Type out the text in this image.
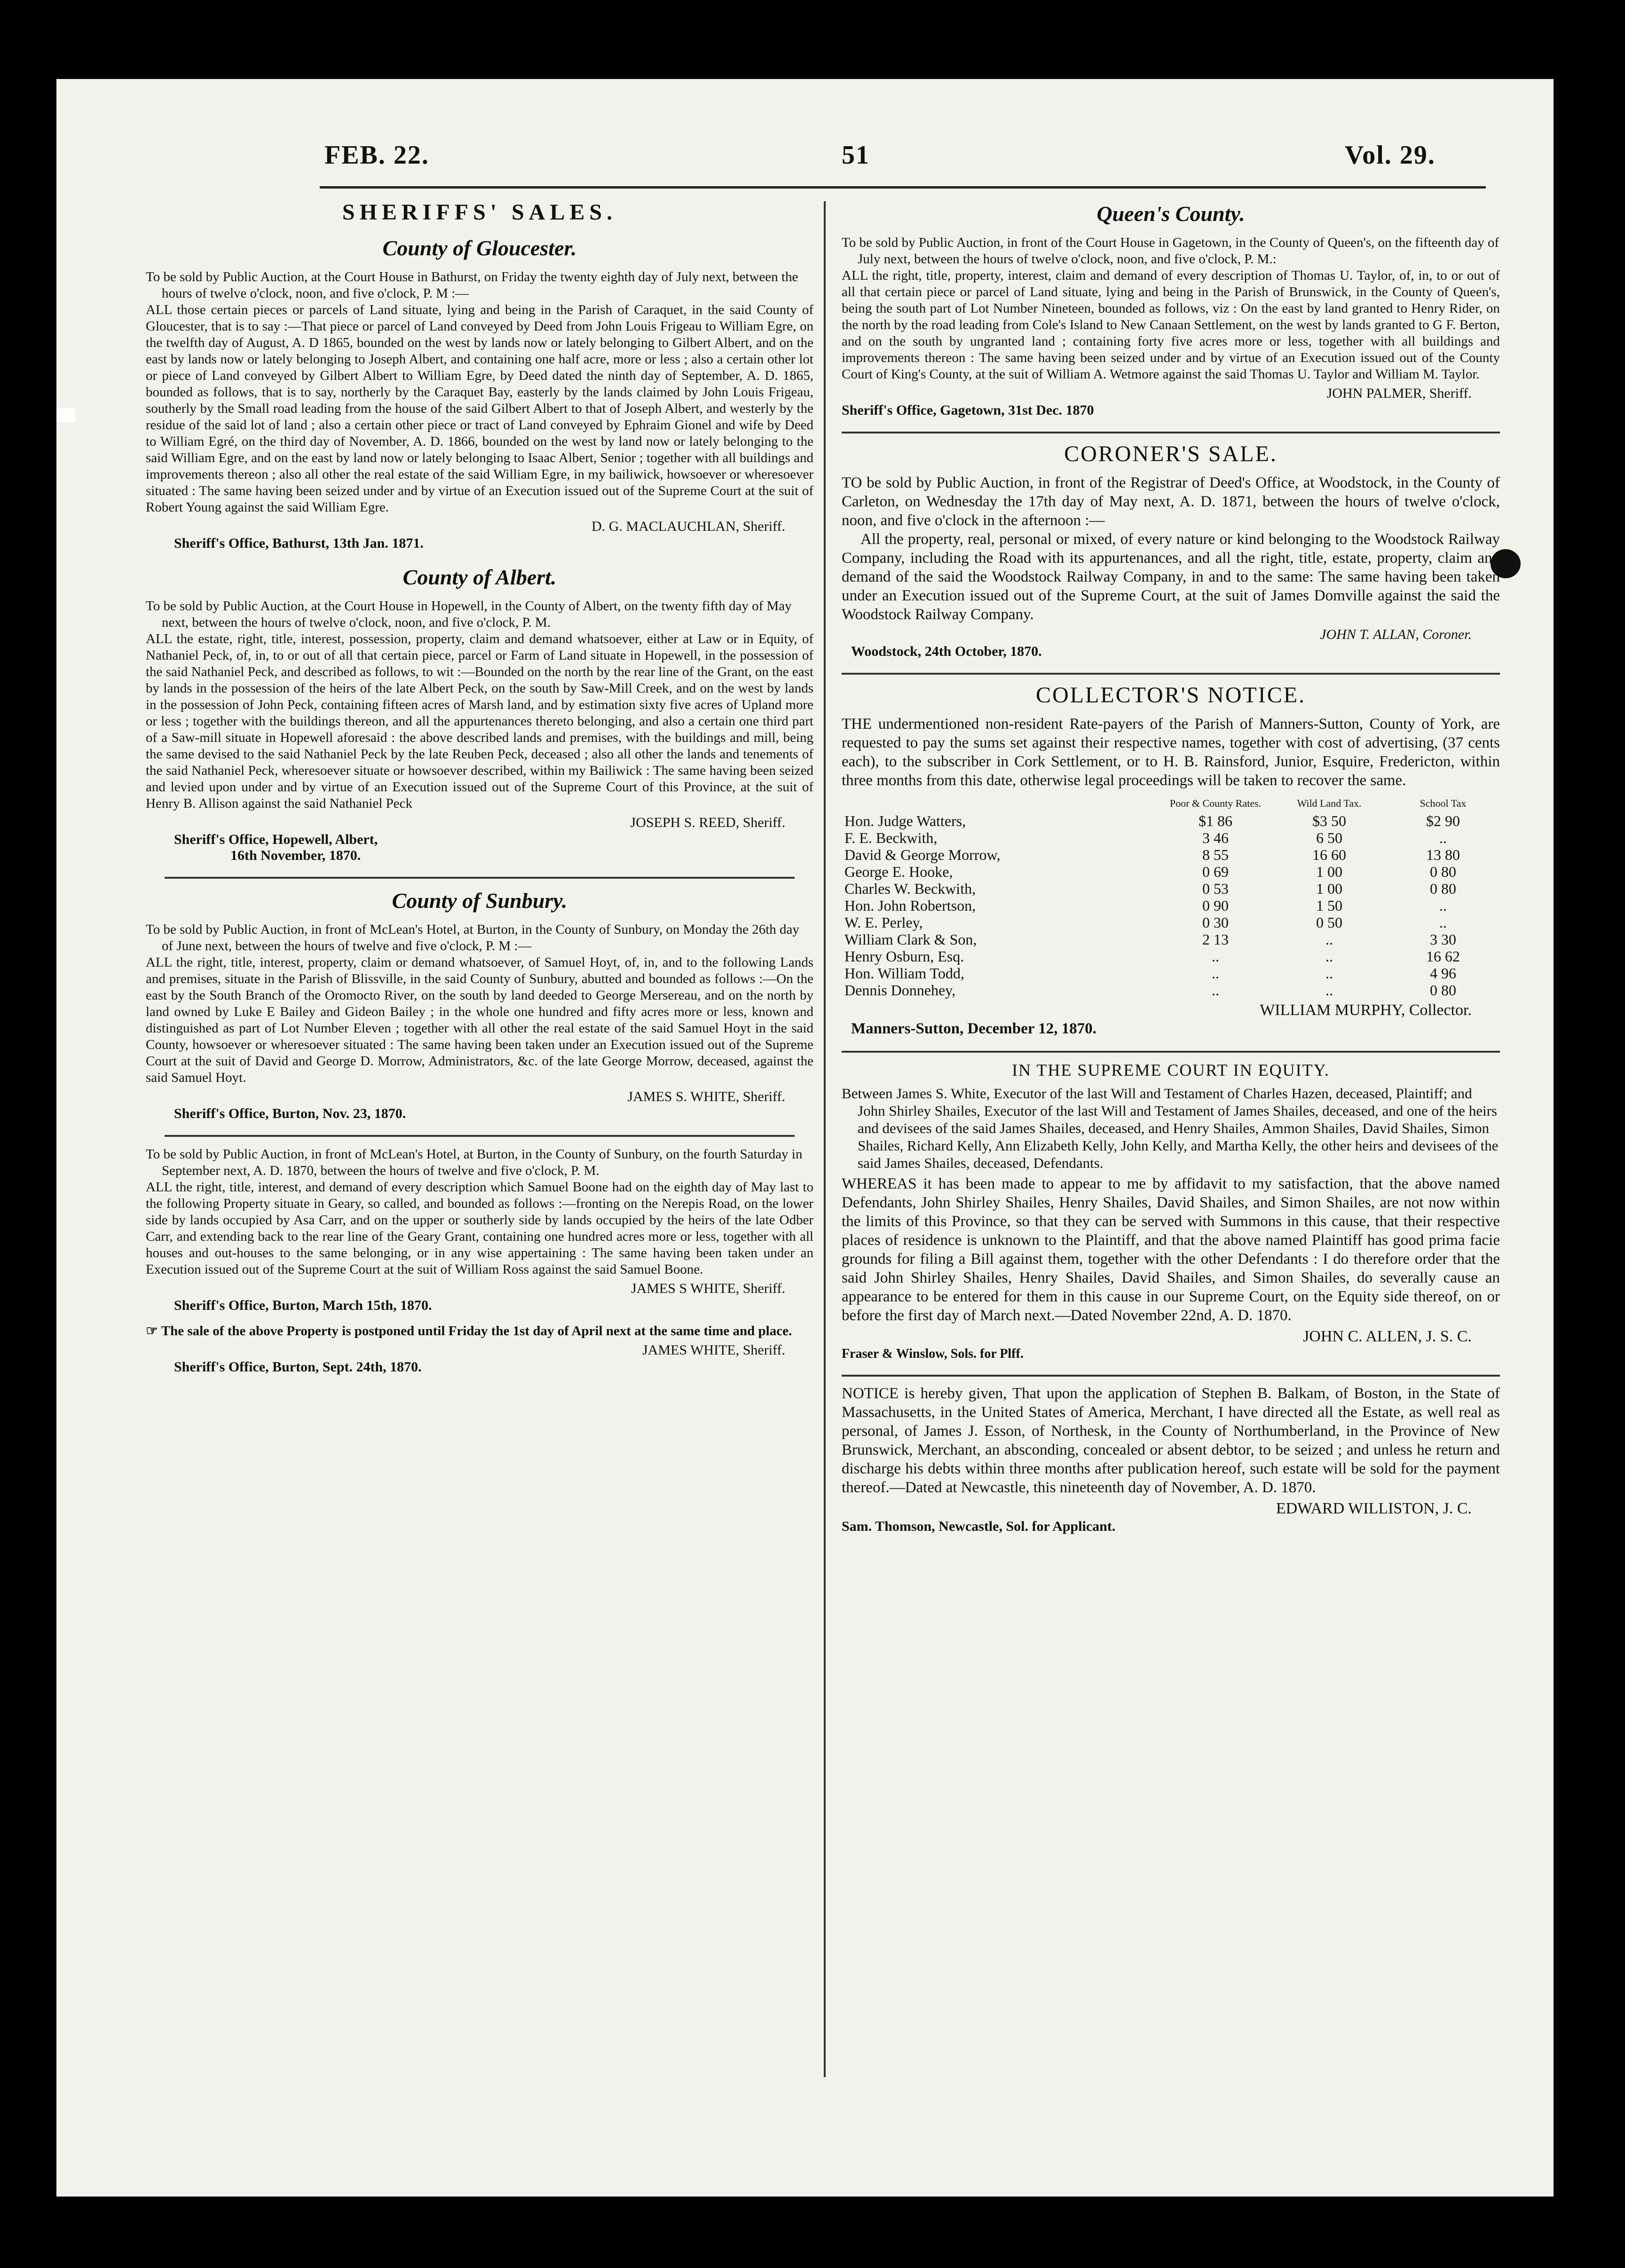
FEB. 22.	51	Vol. 29.
SHERIFFS' SALES.
County of Gloucester.

To be sold by Public Auction, at the Court House in Bathurst, on Friday the twenty eighth day of July next, between the hours of twelve o'clock, noon, and five o'clock, P. M :—

ALL those certain pieces or parcels of Land situate, lying and being in the Parish of Caraquet, in the said County of Gloucester, that is to say :—That piece or parcel of Land conveyed by Deed from John Louis Frigeau to William Egre, on the twelfth day of August, A. D 1865, bounded on the west by lands now or lately belonging to Gilbert Albert, and on the east by lands now or lately belonging to Joseph Albert, and containing one half acre, more or less ; also a certain other lot or piece of Land conveyed by Gilbert Albert to William Egre, by Deed dated the ninth day of September, A. D. 1865, bounded as follows, that is to say, northerly by the Caraquet Bay, easterly by the lands claimed by John Louis Frigeau, southerly by the Small road leading from the house of the said Gilbert Albert to that of Joseph Albert, and westerly by the residue of the said lot of land ; also a certain other piece or tract of Land conveyed by Ephraim Gionel and wife by Deed to William Egré, on the third day of November, A. D. 1866, bounded on the west by land now or lately belonging to the said William Egre, and on the east by land now or lately belonging to Isaac Albert, Senior ; together with all buildings and improvements thereon ; also all other the real estate of the said William Egre, in my bailiwick, howsoever or wheresoever situated : The same having been seized under and by virtue of an Execution issued out of the Supreme Court at the suit of Robert Young against the said William Egre.

D. G. MACLAUCHLAN, Sheriff.

Sheriff's Office, Bathurst, 13th Jan. 1871.

County of Albert.

To be sold by Public Auction, at the Court House in Hopewell, in the County of Albert, on the twenty fifth day of May next, between the hours of twelve o'clock, noon, and five o'clock, P. M.

ALL the estate, right, title, interest, possession, property, claim and demand whatsoever, either at Law or in Equity, of Nathaniel Peck, of, in, to or out of all that certain piece, parcel or Farm of Land situate in Hopewell, in the possession of the said Nathaniel Peck, and described as follows, to wit :—Bounded on the north by the rear line of the Grant, on the east by lands in the possession of the heirs of the late Albert Peck, on the south by Saw-Mill Creek, and on the west by lands in the possession of John Peck, containing fifteen acres of Marsh land, and by estimation sixty five acres of Upland more or less ; together with the buildings thereon, and all the appurtenances thereto belonging, and also a certain one third part of a Saw-mill situate in Hopewell aforesaid : the above described lands and premises, with the buildings and mill, being the same devised to the said Nathaniel Peck by the late Reuben Peck, deceased ; also all other the lands and tenements of the said Nathaniel Peck, wheresoever situate or howsoever described, within my Bailiwick : The same having been seized and levied upon under and by virtue of an Execution issued out of the Supreme Court of this Province, at the suit of Henry B. Allison against the said Nathaniel Peck

JOSEPH S. REED, Sheriff.

Sheriff's Office, Hopewell, Albert,

16th November, 1870.

County of Sunbury.

To be sold by Public Auction, in front of McLean's Hotel, at Burton, in the County of Sunbury, on Monday the 26th day of June next, between the hours of twelve and five o'clock, P. M :—

ALL the right, title, interest, property, claim or demand whatsoever, of Samuel Hoyt, of, in, and to the following Lands and premises, situate in the Parish of Blissville, in the said County of Sunbury, abutted and bounded as follows :—On the east by the South Branch of the Oromocto River, on the south by land deeded to George Mersereau, and on the north by land owned by Luke E Bailey and Gideon Bailey ; in the whole one hundred and fifty acres more or less, known and distinguished as part of Lot Number Eleven ; together with all other the real estate of the said Samuel Hoyt in the said County, howsoever or wheresoever situated : The same having been taken under an Execution issued out of the Supreme Court at the suit of David and George D. Morrow, Administrators, &c. of the late George Morrow, deceased, against the said Samuel Hoyt.

JAMES S. WHITE, Sheriff.

Sheriff's Office, Burton, Nov. 23, 1870.

To be sold by Public Auction, in front of McLean's Hotel, at Burton, in the County of Sunbury, on the fourth Saturday in September next, A. D. 1870, between the hours of twelve and five o'clock, P. M.

ALL the right, title, interest, and demand of every description which Samuel Boone had on the eighth day of May last to the following Property situate in Geary, so called, and bounded as follows :—fronting on the Nerepis Road, on the lower side by lands occupied by Asa Carr, and on the upper or southerly side by lands occupied by the heirs of the late Odber Carr, and extending back to the rear line of the Geary Grant, containing one hundred acres more or less, together with all houses and out-houses to the same belonging, or in any wise appertaining : The same having been taken under an Execution issued out of the Supreme Court at the suit of William Ross against the said Samuel Boone.

JAMES S WHITE, Sheriff.

Sheriff's Office, Burton, March 15th, 1870.

☞ The sale of the above Property is postponed until Friday the 1st day of April next at the same time and place.

JAMES WHITE, Sheriff.

Sheriff's Office, Burton, Sept. 24th, 1870.

Queen's County.

To be sold by Public Auction, in front of the Court House in Gagetown, in the County of Queen's, on the fifteenth day of July next, between the hours of twelve o'clock, noon, and five o'clock, P. M.:

ALL the right, title, property, interest, claim and demand of every description of Thomas U. Taylor, of, in, to or out of all that certain piece or parcel of Land situate, lying and being in the Parish of Brunswick, in the County of Queen's, being the south part of Lot Number Nineteen, bounded as follows, viz : On the east by land granted to Henry Rider, on the north by the road leading from Cole's Island to New Canaan Settlement, on the west by lands granted to G F. Berton, and on the south by ungranted land ; containing forty five acres more or less, together with all buildings and improvements thereon : The same having been seized under and by virtue of an Execution issued out of the County Court of King's County, at the suit of William A. Wetmore against the said Thomas U. Taylor and William M. Taylor.

JOHN PALMER, Sheriff.

Sheriff's Office, Gagetown, 31st Dec. 1870

CORONER'S SALE.

TO be sold by Public Auction, in front of the Registrar of Deed's Office, at Woodstock, in the County of Carleton, on Wednesday the 17th day of May next, A. D. 1871, between the hours of twelve o'clock, noon, and five o'clock in the afternoon :—

All the property, real, personal or mixed, of every nature or kind belonging to the Woodstock Railway Company, including the Road with its appurtenances, and all the right, title, estate, property, claim and demand of the said the Woodstock Railway Company, in and to the same: The same having been taken under an Execution issued out of the Supreme Court, at the suit of James Domville against the said the Woodstock Railway Company.

JOHN T. ALLAN, Coroner.

Woodstock, 24th October, 1870.

COLLECTOR'S NOTICE.

THE undermentioned non-resident Rate-payers of the Parish of Manners-Sutton, County of York, are requested to pay the sums set against their respective names, together with cost of advertising, (37 cents each), to the subscriber in Cork Settlement, or to H. B. Rainsford, Junior, Esquire, Fredericton, within three months from this date, otherwise legal proceedings will be taken to recover the same.

	Poor & County Rates.	Wild Land Tax.	School Tax
Hon. Judge Watters,	$1 86	$3 50	$2 90
F. E. Beckwith,	3 46	6 50	..
David & George Morrow,	8 55	16 60	13 80
George E. Hooke,	0 69	1 00	0 80
Charles W. Beckwith,	0 53	1 00	0 80
Hon. John Robertson,	0 90	1 50	..
W. E. Perley,	0 30	0 50	..
William Clark & Son,	2 13	..	3 30
Henry Osburn, Esq.	..	..	16 62
Hon. William Todd,	..	..	4 96
Dennis Donnehey,	..	..	0 80

WILLIAM MURPHY, Collector.

Manners-Sutton, December 12, 1870.

IN THE SUPREME COURT IN EQUITY.

Between James S. White, Executor of the last Will and Testament of Charles Hazen, deceased, Plaintiff; and John Shirley Shailes, Executor of the last Will and Testament of James Shailes, deceased, and one of the heirs and devisees of the said James Shailes, deceased, and Henry Shailes, Ammon Shailes, David Shailes, Simon Shailes, Richard Kelly, Ann Elizabeth Kelly, John Kelly, and Martha Kelly, the other heirs and devisees of the said James Shailes, deceased, Defendants.

WHEREAS it has been made to appear to me by affidavit to my satisfaction, that the above named Defendants, John Shirley Shailes, Henry Shailes, David Shailes, and Simon Shailes, are not now within the limits of this Province, so that they can be served with Summons in this cause, that their respective places of residence is unknown to the Plaintiff, and that the above named Plaintiff has good prima facie grounds for filing a Bill against them, together with the other Defendants : I do therefore order that the said John Shirley Shailes, Henry Shailes, David Shailes, and Simon Shailes, do severally cause an appearance to be entered for them in this cause in our Supreme Court, on the Equity side thereof, on or before the first day of March next.—Dated November 22nd, A. D. 1870.

JOHN C. ALLEN, J. S. C.

Fraser & Winslow, Sols. for Plff.

NOTICE is hereby given, That upon the application of Stephen B. Balkam, of Boston, in the State of Massachusetts, in the United States of America, Merchant, I have directed all the Estate, as well real as personal, of James J. Esson, of Northesk, in the County of Northumberland, in the Province of New Brunswick, Merchant, an absconding, concealed or absent debtor, to be seized ; and unless he return and discharge his debts within three months after publication hereof, such estate will be sold for the payment thereof.—Dated at Newcastle, this nineteenth day of November, A. D. 1870.

EDWARD WILLISTON, J. C.

Sam. Thomson, Newcastle, Sol. for Applicant.
